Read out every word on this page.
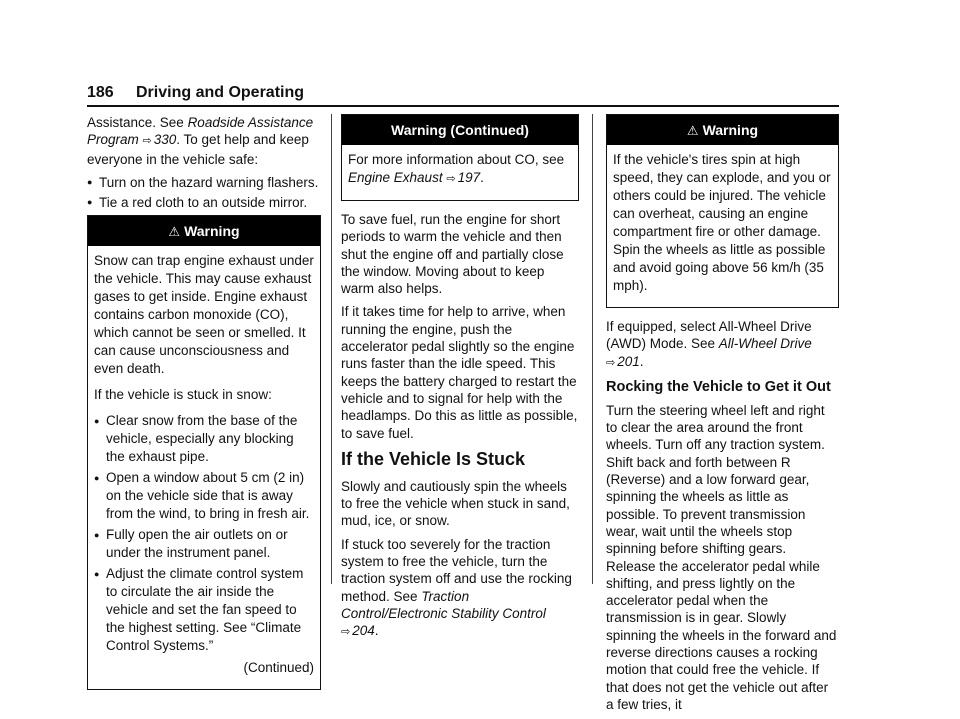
186 Driving and Operating

Assistance. See Roadside Assistance Program ⇨ 330. To get help and keep everyone in the vehicle safe:

● Turn on the hazard warning flashers.
● Tie a red cloth to an outside mirror.
⚠ Warning

Snow can trap engine exhaust under the vehicle. This may cause exhaust gases to get inside. Engine exhaust contains carbon monoxide (CO), which cannot be seen or smelled. It can cause unconsciousness and even death.

If the vehicle is stuck in snow:

● Clear snow from the base of the vehicle, especially any blocking the exhaust pipe.
● Open a window about 5 cm (2 in) on the vehicle side that is away from the wind, to bring in fresh air.
● Fully open the air outlets on or under the instrument panel.
● Adjust the climate control system to circulate the air inside the vehicle and set the fan speed to the highest setting. See “Climate Control Systems.”

(Continued)

Warning (Continued)

For more information about CO, see Engine Exhaust ⇨ 197.

To save fuel, run the engine for short periods to warm the vehicle and then shut the engine off and partially close the window. Moving about to keep warm also helps.

If it takes time for help to arrive, when running the engine, push the accelerator pedal slightly so the engine runs faster than the idle speed. This keeps the battery charged to restart the vehicle and to signal for help with the headlamps. Do this as little as possible, to save fuel.

If the Vehicle Is Stuck

Slowly and cautiously spin the wheels to free the vehicle when stuck in sand, mud, ice, or snow.

If stuck too severely for the traction system to free the vehicle, turn the traction system off and use the rocking method. See Traction Control/Electronic Stability Control ⇨ 204.

⚠ Warning

If the vehicle's tires spin at high speed, they can explode, and you or others could be injured. The vehicle can overheat, causing an engine compartment fire or other damage. Spin the wheels as little as possible and avoid going above 56 km/h (35 mph).

If equipped, select All-Wheel Drive (AWD) Mode. See All-Wheel Drive ⇨ 201.

Rocking the Vehicle to Get it Out

Turn the steering wheel left and right to clear the area around the front wheels. Turn off any traction system. Shift back and forth between R (Reverse) and a low forward gear, spinning the wheels as little as possible. To prevent transmission wear, wait until the wheels stop spinning before shifting gears. Release the accelerator pedal while shifting, and press lightly on the accelerator pedal when the transmission is in gear. Slowly spinning the wheels in the forward and reverse directions causes a rocking motion that could free the vehicle. If that does not get the vehicle out after a few tries, it
